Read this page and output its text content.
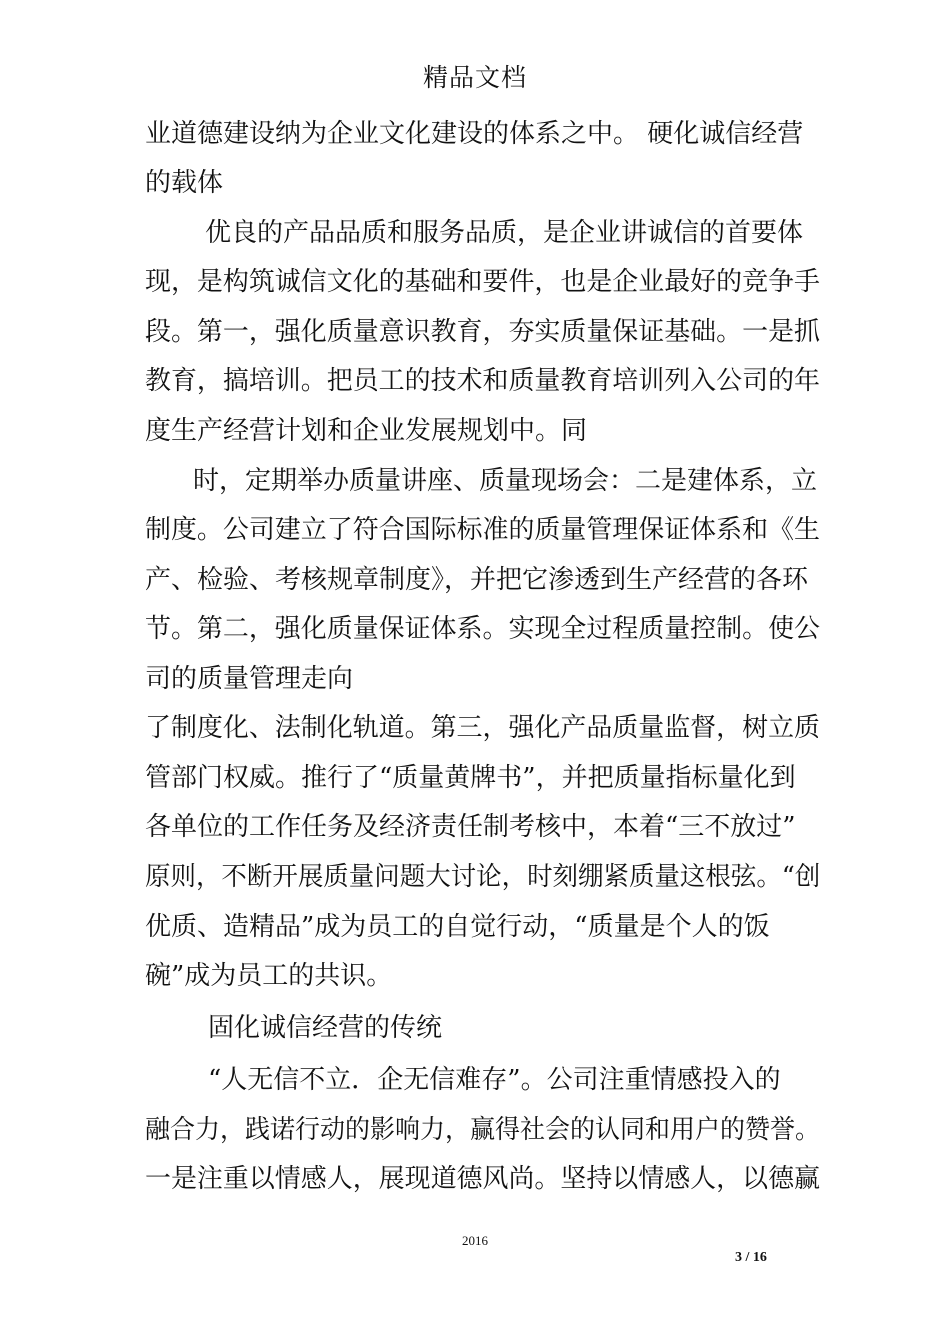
精品文档
业道德建设纳为企业文化建设的体系之中。 硬化诚信经营
的载体
优良的产品品质和服务品质，是企业讲诚信的首要体
现，是构筑诚信文化的基础和要件，也是企业最好的竞争手
段。第一，强化质量意识教育，夯实质量保证基础。一是抓
教育，搞培训。把员工的技术和质量教育培训列入公司的年
度生产经营计划和企业发展规划中。同
时，定期举办质量讲座、质量现场会：二是建体系，立
制度。公司建立了符合国际标准的质量管理保证体系和《生
产、检验、考核规章制度》，并把它渗透到生产经营的各环
节。第二，强化质量保证体系。实现全过程质量控制。使公
司的质量管理走向
了制度化、法制化轨道。第三，强化产品质量监督，树立质
管部门权威。推行了“质量黄牌书”，并把质量指标量化到
各单位的工作任务及经济责任制考核中，本着“三不放过”
原则，不断开展质量问题大讨论，时刻绷紧质量这根弦。“创
优质、造精品”成为员工的自觉行动，“质量是个人的饭
碗”成为员工的共识。
固化诚信经营的传统
“人无信不立．企无信难存”。公司注重情感投入的
融合力，践诺行动的影响力，赢得社会的认同和用户的赞誉。
一是注重以情感人，展现道德风尚。坚持以情感人，以德赢
2016
3 / 16
